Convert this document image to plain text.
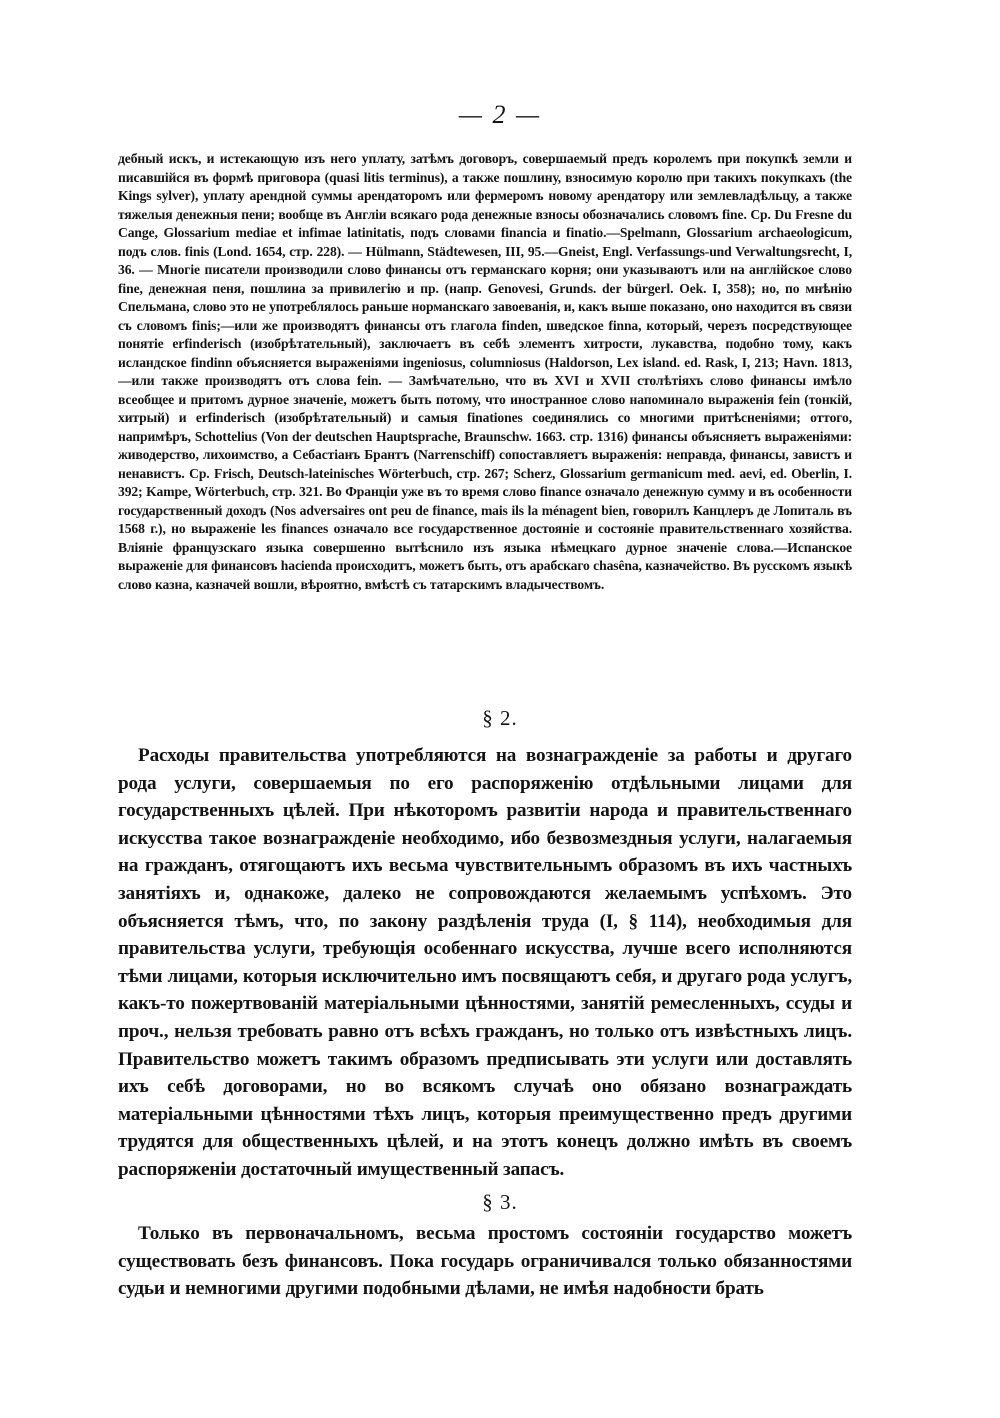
— 2 —

дебный искъ, и истекающую изъ него уплату, затѣмъ договоръ, совершаемый предъ королемъ при покупкѣ земли и писавшійся въ формѣ приговора (quasi litis terminus), а также пошлину, взносимую королю при такихъ покупкахъ (the Kings sylver), уплату арендной суммы арендаторомъ или фермеромъ новому арендатору или землевладѣльцу, а также тяжелыя денежныя пени; вообще въ Англіи всякаго рода денежные взносы обозначались словомъ fine. Ср. Du Fresne du Cange, Glossarium mediae et infimae latinitatis, подъ словами financia и finatio.—Spelmann, Glossarium archaeologicum, подъ слов. finis (Lond. 1654, стр. 228). — Hülmann, Städtewesen, III, 95.—Gneist, Engl. Verfassungs-und Verwaltungsrecht, I, 36. — Многіе писатели производили слово финансы отъ германскаго корня; они указываютъ или на англійское слово fine, денежная пеня, пошлина за привилегію и пр. (напр. Genovesi, Grunds. der bürgerl. Oek. I, 358); но, по мнѣнію Спельмана, слово это не употреблялось раньше норманскаго завоеванія, и, какъ выше показано, оно находится въ связи съ словомъ finis;—или же производятъ финансы отъ глагола finden, шведское finna, который, черезъ посредствующее понятіе erfinderisch (изобрѣтательный), заключаетъ въ себѣ элементъ хитрости, лукавства, подобно тому, какъ исландское findinn объясняется выраженіями ingeniosus, columniosus (Haldorson, Lex island. ed. Rask, I, 213; Havn. 1813,—или также производятъ отъ слова fein. — Замѣчательно, что въ XVI и XVII столѣтіяхъ слово финансы имѣло всеобщее и притомъ дурное значеніе, можетъ быть потому, что иностранное слово напоминало выраженія fein (тонкій, хитрый) и erfinderisch (изобрѣтательный) и самыя finationes соединялись со многими притѣсненіями; оттого, напримѣръ, Schottelius (Von der deutschen Hauptsprache, Braunschw. 1663. стр. 1316) финансы объясняетъ выраженіями: живодерство, лихоимство, а Себастіанъ Брантъ (Narrenschiff) сопоставляетъ выраженія: неправда, финансы, завистъ и ненавистъ. Ср. Frisch, Deutsch-lateinisches Wörterbuch, стр. 267; Scherz, Glossarium germanicum med. aevi, ed. Oberlin, I. 392; Kampe, Wörterbuch, стр. 321. Во Франціи уже въ то время слово finance означало денежную сумму и въ особенности государственный доходъ (Nos adversaires ont peu de finance, mais ils la ménagent bien, говорилъ Канцлеръ де Лопиталь въ 1568 г.), но выраженіе les finances означало все государственное достояніе и состояніе правительственнаго хозяйства. Вліяніе французскаго языка совершенно вытѣснило изъ языка нѣмецкаго дурное значеніе слова.—Испанское выраженіе для финансовъ hacienda происходитъ, можетъ быть, отъ арабскаго chasêna, казначейство. Въ русскомъ языкѣ слово казна, казначей вошли, вѣроятно, вмѣстѣ съ татарскимъ владычествомъ.

§ 2.

Расходы правительства употребляются на вознагражденіе за работы и другаго рода услуги, совершаемыя по его распоряженію отдѣльными лицами для государственныхъ цѣлей. При нѣкоторомъ развитіи народа и правительственнаго искусства такое вознагражденіе необходимо, ибо безвозмездныя услуги, налагаемыя на гражданъ, отягощаютъ ихъ весьма чувствительнымъ образомъ въ ихъ частныхъ занятіяхъ и, однакоже, далеко не сопровождаются желаемымъ успѣхомъ. Это объясняется тѣмъ, что, по закону раздѣленія труда (I, § 114), необходимыя для правительства услуги, требующія особеннаго искусства, лучше всего исполняются тѣми лицами, которыя исключительно имъ посвящаютъ себя, и другаго рода услугъ, какъ-то пожертвованій матеріальными цѣнностями, занятій ремесленныхъ, ссуды и проч., нельзя требовать равно отъ всѣхъ гражданъ, но только отъ извѣстныхъ лицъ. Правительство можетъ такимъ образомъ предписывать эти услуги или доставлять ихъ себѣ договорами, но во всякомъ случаѣ оно обязано вознаграждать матеріальными цѣнностями тѣхъ лицъ, которыя преимущественно предъ другими трудятся для общественныхъ цѣлей, и на этотъ конецъ должно имѣть въ своемъ распоряженіи достаточный имущественный запасъ.

§ 3.

Только въ первоначальномъ, весьма простомъ состояніи государство можетъ существовать безъ финансовъ. Пока государь ограничивался только обязанностями судьи и немногими другими подобными дѣлами, не имѣя надобности брать
